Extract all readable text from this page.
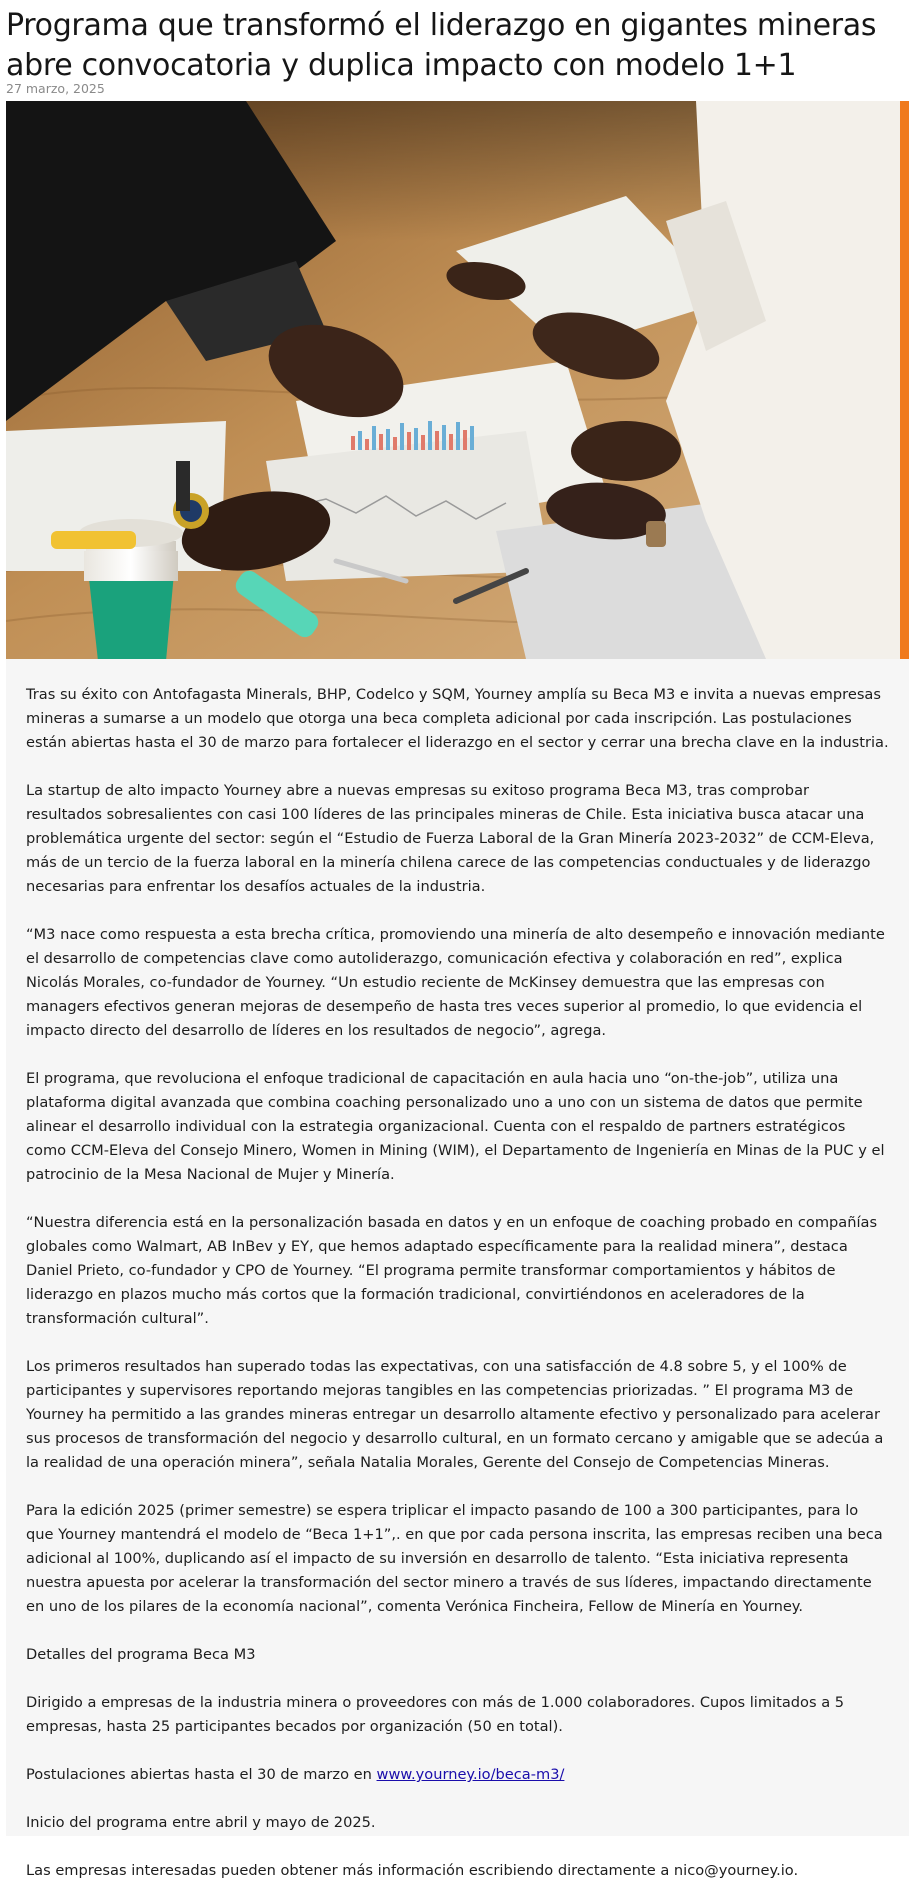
Programa que transformó el liderazgo en gigantes mineras abre convocatoria y duplica impacto con modelo 1+1
27 marzo, 2025

Tras su éxito con Antofagasta Minerals, BHP, Codelco y SQM, Yourney amplía su Beca M3 e invita a nuevas empresas mineras a sumarse a un modelo que otorga una beca completa adicional por cada inscripción. Las postulaciones están abiertas hasta el 30 de marzo para fortalecer el liderazgo en el sector y cerrar una brecha clave en la industria.

La startup de alto impacto Yourney abre a nuevas empresas su exitoso programa Beca M3, tras comprobar resultados sobresalientes con casi 100 líderes de las principales mineras de Chile. Esta iniciativa busca atacar una problemática urgente del sector: según el “Estudio de Fuerza Laboral de la Gran Minería 2023-2032” de CCM-Eleva, más de un tercio de la fuerza laboral en la minería chilena carece de las competencias conductuales y de liderazgo necesarias para enfrentar los desafíos actuales de la industria.

“M3 nace como respuesta a esta brecha crítica, promoviendo una minería de alto desempeño e innovación mediante el desarrollo de competencias clave como autoliderazgo, comunicación efectiva y colaboración en red”, explica Nicolás Morales, co-fundador de Yourney. “Un estudio reciente de McKinsey demuestra que las empresas con managers efectivos generan mejoras de desempeño de hasta tres veces superior al promedio, lo que evidencia el impacto directo del desarrollo de líderes en los resultados de negocio”, agrega.

El programa, que revoluciona el enfoque tradicional de capacitación en aula hacia uno “on-the-job”, utiliza una plataforma digital avanzada que combina coaching personalizado uno a uno con un sistema de datos que permite alinear el desarrollo individual con la estrategia organizacional. Cuenta con el respaldo de partners estratégicos como CCM-Eleva del Consejo Minero, Women in Mining (WIM), el Departamento de Ingeniería en Minas de la PUC y el patrocinio de la Mesa Nacional de Mujer y Minería.

“Nuestra diferencia está en la personalización basada en datos y en un enfoque de coaching probado en compañías globales como Walmart, AB InBev y EY, que hemos adaptado específicamente para la realidad minera”, destaca Daniel Prieto, co-fundador y CPO de Yourney. “El programa permite transformar comportamientos y hábitos de liderazgo en plazos mucho más cortos que la formación tradicional, convirtiéndonos en aceleradores de la transformación cultural”.

Los primeros resultados han superado todas las expectativas, con una satisfacción de 4.8 sobre 5, y el 100% de participantes y supervisores reportando mejoras tangibles en las competencias priorizadas. ” El programa M3 de Yourney ha permitido a las grandes mineras entregar un desarrollo altamente efectivo y personalizado para acelerar sus procesos de transformación del negocio y desarrollo cultural, en un formato cercano y amigable que se adecúa a la realidad de una operación minera”, señala Natalia Morales, Gerente del Consejo de Competencias Mineras.

Para la edición 2025 (primer semestre) se espera triplicar el impacto pasando de 100 a 300 participantes, para lo que Yourney mantendrá el modelo de “Beca 1+1”,. en que por cada persona inscrita, las empresas reciben una beca adicional al 100%, duplicando así el impacto de su inversión en desarrollo de talento. “Esta iniciativa representa nuestra apuesta por acelerar la transformación del sector minero a través de sus líderes, impactando directamente en uno de los pilares de la economía nacional”, comenta Verónica Fincheira, Fellow de Minería en Yourney.

Detalles del programa Beca M3

Dirigido a empresas de la industria minera o proveedores con más de 1.000 colaboradores. Cupos limitados a 5 empresas, hasta 25 participantes becados por organización (50 en total).

Postulaciones abiertas hasta el 30 de marzo en www.yourney.io/beca-m3/

Inicio del programa entre abril y mayo de 2025.

Las empresas interesadas pueden obtener más información escribiendo directamente a nico@yourney.io.
